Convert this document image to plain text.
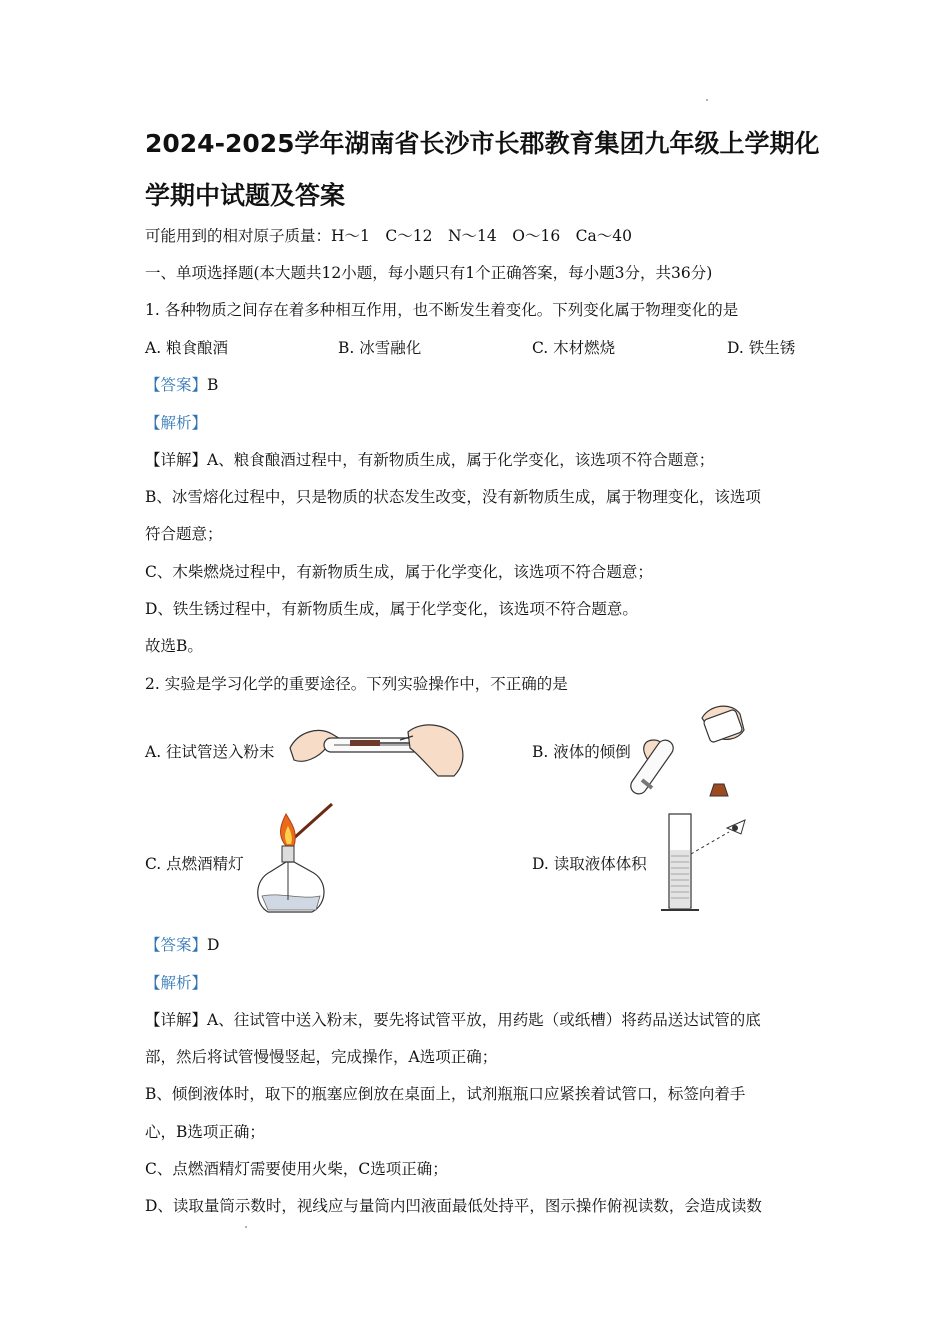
2024-2025学年湖南省长沙市长郡教育集团九年级上学期化
学期中试题及答案
可能用到的相对原子质量：H～1　C～12　N～14　O～16　Ca～40
一、单项选择题(本大题共12小题，每小题只有1个正确答案，每小题3分，共36分)
1. 各种物质之间存在着多种相互作用，也不断发生着变化。下列变化属于物理变化的是
A. 粮食酿酒	B. 冰雪融化	C. 木材燃烧	D. 铁生锈
【答案】B
【解析】
【详解】A、粮食酿酒过程中，有新物质生成，属于化学变化，该选项不符合题意；
B、冰雪熔化过程中，只是物质的状态发生改变，没有新物质生成，属于物理变化，该选项
符合题意；
C、木柴燃烧过程中，有新物质生成，属于化学变化，该选项不符合题意；
D、铁生锈过程中，有新物质生成，属于化学变化，该选项不符合题意。
故选B。
2. 实验是学习化学的重要途径。下列实验操作中，不正确的是
A. 往试管送入粉末	B. 液体的倾倒
C. 点燃酒精灯	D. 读取液体体积
【答案】D
【解析】
【详解】A、往试管中送入粉末，要先将试管平放，用药匙（或纸槽）将药品送达试管的底
部，然后将试管慢慢竖起，完成操作，A选项正确；
B、倾倒液体时，取下的瓶塞应倒放在桌面上，试剂瓶瓶口应紧挨着试管口，标签向着手
心，B选项正确；
C、点燃酒精灯需要使用火柴，C选项正确；
D、读取量筒示数时，视线应与量筒内凹液面最低处持平，图示操作俯视读数，会造成读数
